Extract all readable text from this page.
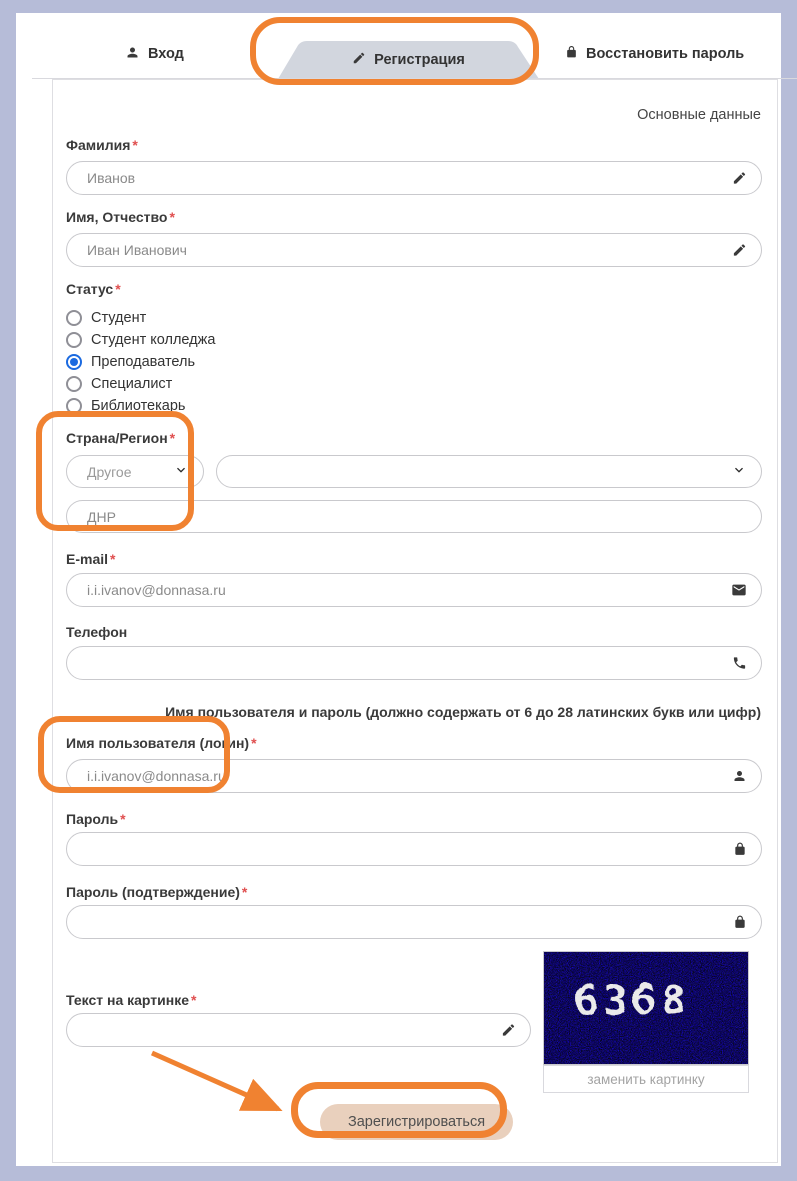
Вход	Регистрация	Восстановить пароль
Основные данные
Фамилия *
Иванов
Имя, Отчество *
Иван Иванович
Статус *
Студент
Студент колледжа
Преподаватель
Специалист
Библиотекарь
Страна/Регион *
Другое
ДНР
E-mail *
i.i.ivanov@donnasa.ru
Телефон
Имя пользователя и пароль (должно содержать от 6 до 28 латинских букв или цифр)
Имя пользователя (логин) *
i.i.ivanov@donnasa.ru
Пароль *
Пароль (подтверждение) *
6368
заменить картинку
Текст на картинке *
Зарегистрироваться
